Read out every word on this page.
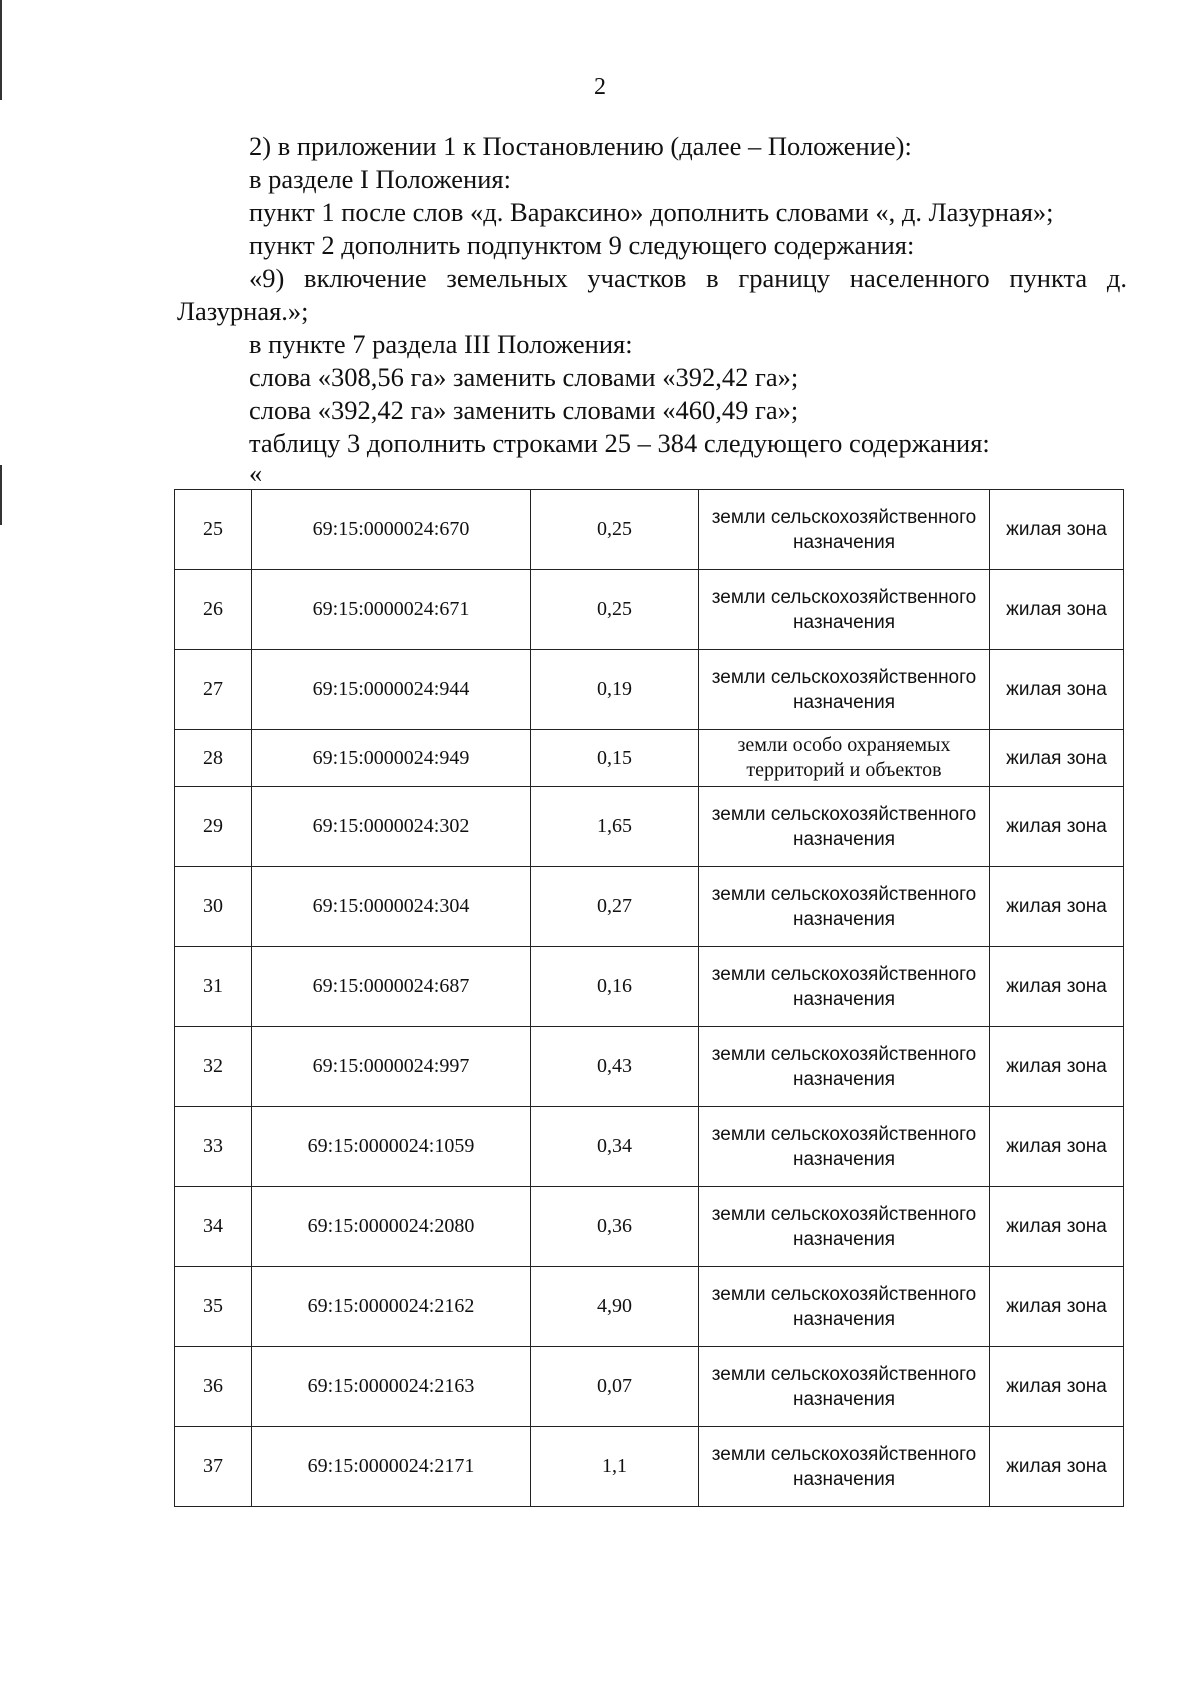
2

2) в приложении 1 к Постановлению (далее – Положение):

в разделе I Положения:

пункт 1 после слов «д. Вараксино» дополнить словами «, д. Лазурная»;

пункт 2 дополнить подпунктом 9 следующего содержания:

«9) включение земельных участков в границу населенного пункта д. Лазурная.»;

в пункте 7 раздела III Положения:

слова «308,56 га» заменить словами «392,42 га»;

слова «392,42 га» заменить словами «460,49 га»;

таблицу 3 дополнить строками 25 – 384 следующего содержания:

«

25	69:15:0000024:670	0,25	земли сельскохозяйственного назначения	жилая зона
26	69:15:0000024:671	0,25	земли сельскохозяйственного назначения	жилая зона
27	69:15:0000024:944	0,19	земли сельскохозяйственного назначения	жилая зона
28	69:15:0000024:949	0,15	земли особо охраняемых территорий и объектов	жилая зона
29	69:15:0000024:302	1,65	земли сельскохозяйственного назначения	жилая зона
30	69:15:0000024:304	0,27	земли сельскохозяйственного назначения	жилая зона
31	69:15:0000024:687	0,16	земли сельскохозяйственного назначения	жилая зона
32	69:15:0000024:997	0,43	земли сельскохозяйственного назначения	жилая зона
33	69:15:0000024:1059	0,34	земли сельскохозяйственного назначения	жилая зона
34	69:15:0000024:2080	0,36	земли сельскохозяйственного назначения	жилая зона
35	69:15:0000024:2162	4,90	земли сельскохозяйственного назначения	жилая зона
36	69:15:0000024:2163	0,07	земли сельскохозяйственного назначения	жилая зона
37	69:15:0000024:2171	1,1	земли сельскохозяйственного назначения	жилая зона
